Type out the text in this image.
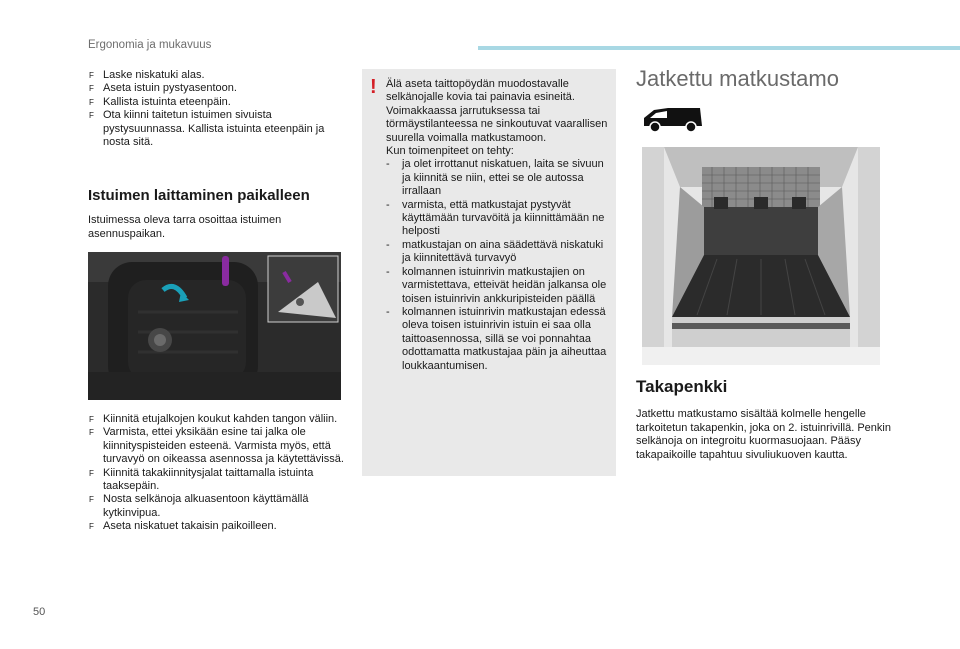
Ergonomia ja mukavuus
F Laske niskatuki alas.
F Aseta istuin pystyasentoon.
F Kallista istuinta eteenpäin.
F Ota kiinni taitetun istuimen sivuista pystysuunnassa. Kallista istuinta eteenpäin ja nosta sitä.
Istuimen laittaminen paikalleen
Istuimessa oleva tarra osoittaa istuimen asennuspaikan.
F Kiinnitä etujalkojen koukut kahden tangon väliin.
F Varmista, ettei yksikään esine tai jalka ole kiinnityspisteiden esteenä. Varmista myös, että turvavyö on oikeassa asennossa ja käytettävissä.
F Kiinnitä takakiinnitysjalat taittamalla istuinta taaksepäin.
F Nosta selkänoja alkuasentoon käyttämällä kytkinvipua.
F Aseta niskatuet takaisin paikoilleen.
! Älä aseta taittopöydän muodostavalle selkänojalle kovia tai painavia esineitä. Voimakkaassa jarrutuksessa tai törmäystilanteessa ne sinkoutuvat vaarallisen suurella voimalla matkustamoon.
Kun toimenpiteet on tehty:
- ja olet irrottanut niskatuen, laita se sivuun ja kiinnitä se niin, ettei se ole autossa irrallaan
- varmista, että matkustajat pystyvät käyttämään turvavöitä ja kiinnittämään ne helposti
- matkustajan on aina säädettävä niskatuki ja kiinnitettävä turvavyö
- kolmannen istuinrivin matkustajien on varmistettava, etteivät heidän jalkansa ole toisen istuinrivin ankkuripisteiden päällä
- kolmannen istuinrivin matkustajan edessä oleva toisen istuinrivin istuin ei saa olla taittoasennossa, sillä se voi ponnahtaa odottamatta matkustajaa päin ja aiheuttaa loukkaantumisen.
Jatkettu matkustamo
Takapenkki
Jatkettu matkustamo sisältää kolmelle hengelle tarkoitetun takapenkin, joka on 2. istuinrivillä. Penkin selkänoja on integroitu kuormasuojaan. Pääsy takapaikoille tapahtuu sivuliukuoven kautta.
50
